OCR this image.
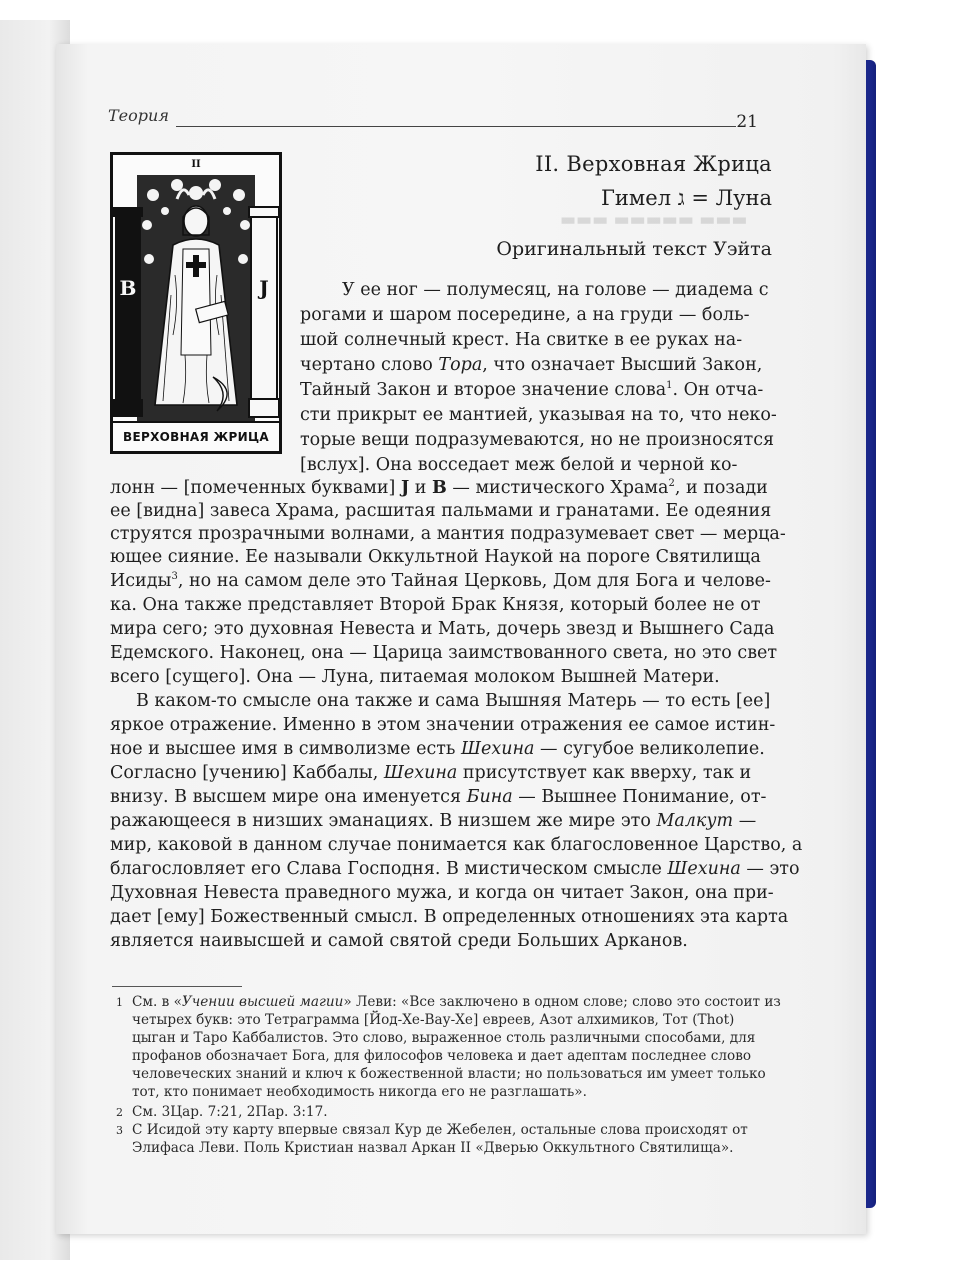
▬▬▬ ▬▬▬▬▬ ▬▬▬
Теория	21
B	J
II
ВЕРХОВНАЯ ЖРИЦА
II. Верховная Жрица
Гимел ג = Луна
Оригинальный текст Уэйта
У ее ног — полумесяц, на голове — диадема с
рогами и шаром посередине, а на груди — боль-
шой солнечный крест. На свитке в ее руках на-
чертано слово Тора, что означает Высший Закон,
Тайный Закон и второе значение слова$^1$. Он отча-
сти прикрыт ее мантией, указывая на то, что неко-
торые вещи подразумеваются, но не произносятся
[вслух]. Она восседает меж белой и черной ко-
лонн — [помеченных буквами] J и B — мистического Храма$^2$, и позади
ее [видна] завеса Храма, расшитая пальмами и гранатами. Ее одеяния
струятся прозрачными волнами, а мантия подразумевает свет — мерца-
ющее сияние. Ее называли Оккультной Наукой на пороге Святилища
Исиды$^3$, но на самом деле это Тайная Церковь, Дом для Бога и челове-
ка. Она также представляет Второй Брак Князя, который более не от
мира сего; это духовная Невеста и Мать, дочерь звезд и Вышнего Сада
Едемского. Наконец, она — Царица заимствованного света, но это свет
всего [сущего]. Она — Луна, питаемая молоком Вышней Матери.
В каком-то смысле она также и сама Вышняя Матерь — то есть [ее]
яркое отражение. Именно в этом значении отражения ее самое истин-
ное и высшее имя в символизме есть Шехина — сугубое великолепие.
Согласно [учению] Каббалы, Шехина присутствует как вверху, так и
внизу. В высшем мире она именуется Бина — Вышнее Понимание, от-
ражающееся в низших эманациях. В низшем же мире это Малкут —
мир, каковой в данном случае понимается как благословенное Царство, а
благословляет его Слава Господня. В мистическом смысле Шехина — это
Духовная Невеста праведного мужа, и когда он читает Закон, она при-
дает [ему] Божественный смысл. В определенных отношениях эта карта
является наивысшей и самой святой среди Больших Арканов.
1 См. в «Учении высшей магии» Леви: «Все заключено в одном слове; слово это состоит из
четырех букв: это Тетраграмма [Йод-Хе-Вау-Хе] евреев, Азот алхимиков, Тот (Thot)
цыган и Таро Каббалистов. Это слово, выраженное столь различными способами, для
профанов обозначает Бога, для философов человека и дает адептам последнее слово
человеческих знаний и ключ к божественной власти; но пользоваться им умеет только
тот, кто понимает необходимость никогда его не разглашать».
2 См. 3Цар. 7:21, 2Пар. 3:17.
3 С Исидой эту карту впервые связал Кур де Жебелен, остальные слова происходят от
Элифаса Леви. Поль Кристиан назвал Аркан II «Дверью Оккультного Святилища».
